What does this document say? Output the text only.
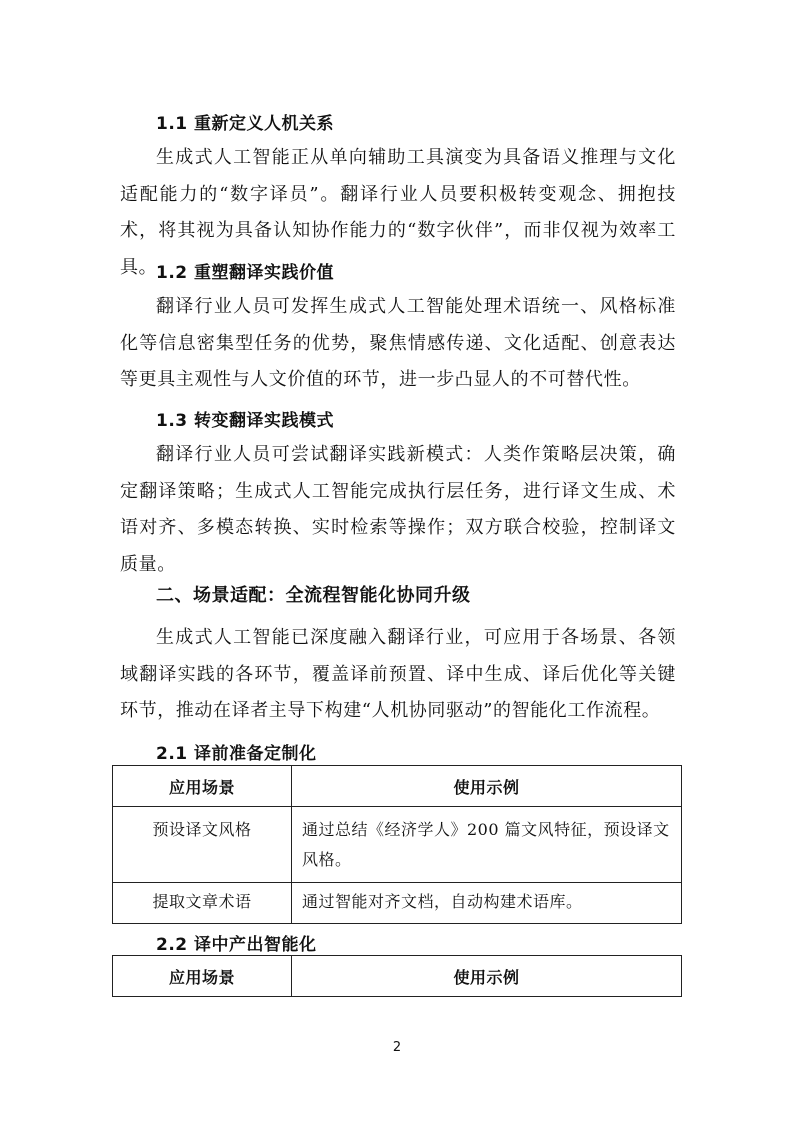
1.1 重新定义人机关系
生成式人工智能正从单向辅助工具演变为具备语义推理与文化适配能力的“数字译员”。翻译行业人员要积极转变观念、拥抱技术，将其视为具备认知协作能力的“数字伙伴”，而非仅视为效率工具。
1.2 重塑翻译实践价值
翻译行业人员可发挥生成式人工智能处理术语统一、风格标准化等信息密集型任务的优势，聚焦情感传递、文化适配、创意表达等更具主观性与人文价值的环节，进一步凸显人的不可替代性。
1.3 转变翻译实践模式
翻译行业人员可尝试翻译实践新模式：人类作策略层决策，确定翻译策略；生成式人工智能完成执行层任务，进行译文生成、术语对齐、多模态转换、实时检索等操作；双方联合校验，控制译文质量。
二、场景适配：全流程智能化协同升级
生成式人工智能已深度融入翻译行业，可应用于各场景、各领域翻译实践的各环节，覆盖译前预置、译中生成、译后优化等关键环节，推动在译者主导下构建“人机协同驱动”的智能化工作流程。
2.1 译前准备定制化
应用场景	使用示例
预设译文风格	通过总结《经济学人》200 篇文风特征，预设译文风格。
提取文章术语	通过智能对齐文档，自动构建术语库。
2.2 译中产出智能化
应用场景	使用示例
2
